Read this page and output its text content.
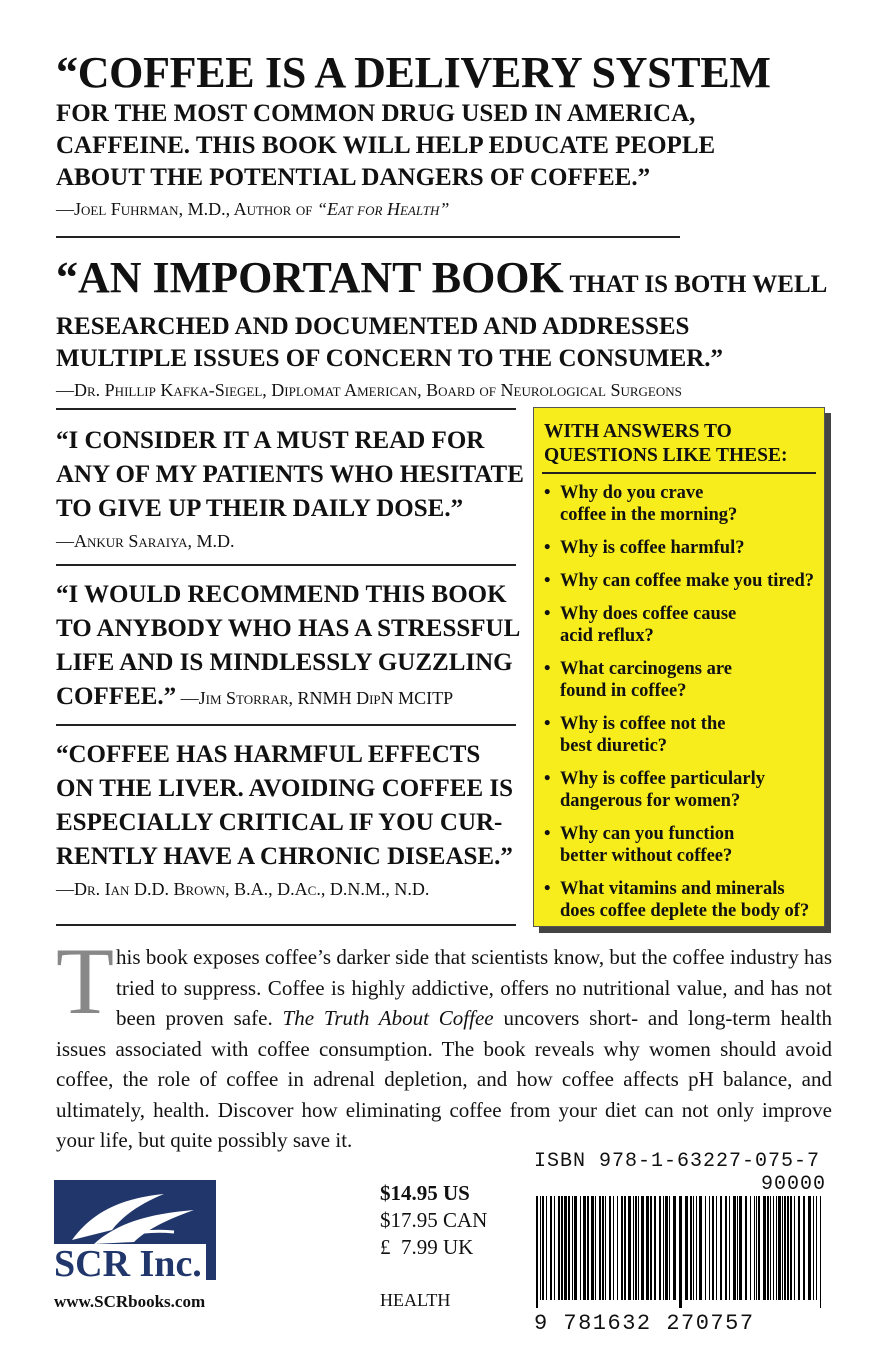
“COFFEE IS A DELIVERY SYSTEM
FOR THE MOST COMMON DRUG USED IN AMERICA,
CAFFEINE. THIS BOOK WILL HELP EDUCATE PEOPLE
ABOUT THE POTENTIAL DANGERS OF COFFEE.”
—Joel Fuhrman, M.D., Author of “Eat for Health”
“AN IMPORTANT BOOK THAT IS BOTH WELL
RESEARCHED AND DOCUMENTED AND ADDRESSES
MULTIPLE ISSUES OF CONCERN TO THE CONSUMER.”
—Dr. Phillip Kafka-Siegel, Diplomat American, Board of Neurological Surgeons
“I CONSIDER IT A MUST READ FOR
ANY OF MY PATIENTS WHO HESITATE
TO GIVE UP THEIR DAILY DOSE.”
—Ankur Saraiya, M.D.
“I WOULD RECOMMEND THIS BOOK
TO ANYBODY WHO HAS A STRESSFUL
LIFE AND IS MINDLESSLY GUZZLING
COFFEE.” —Jim Storrar, RNMH DipN MCITP
“COFFEE HAS HARMFUL EFFECTS
ON THE LIVER. AVOIDING COFFEE IS
ESPECIALLY CRITICAL IF YOU CUR-
RENTLY HAVE A CHRONIC DISEASE.”
—Dr. Ian D.D. Brown, B.A., D.Ac., D.N.M., N.D.
WITH ANSWERS TO
QUESTIONS LIKE THESE:
• Why do you crave
coffee in the morning?
• Why is coffee harmful?
• Why can coffee make you tired?
• Why does coffee cause
acid reflux?
• What carcinogens are
found in coffee?
• Why is coffee not the
best diuretic?
• Why is coffee particularly
dangerous for women?
• Why can you function
better without coffee?
• What vitamins and minerals
does coffee deplete the body of?
This book exposes coffee’s darker side that scientists know, but the coffee industry has tried to suppress. Coffee is highly addictive, offers no nutritional value, and has not been proven safe. The Truth About Coffee uncovers short- and long-term health issues associated with coffee consumption. The book reveals why women should avoid coffee, the role of coffee in adrenal depletion, and how coffee affects pH balance, and ultimately, health. Discover how eliminating coffee from your diet can not only improve your life, but quite possibly save it.
SCR Inc.
www.SCRbooks.com
$14.95 US
$17.95 CAN
£  7.99 UK
HEALTH
ISBN 978-1-63227-075-7
90000
9 781632 270757
